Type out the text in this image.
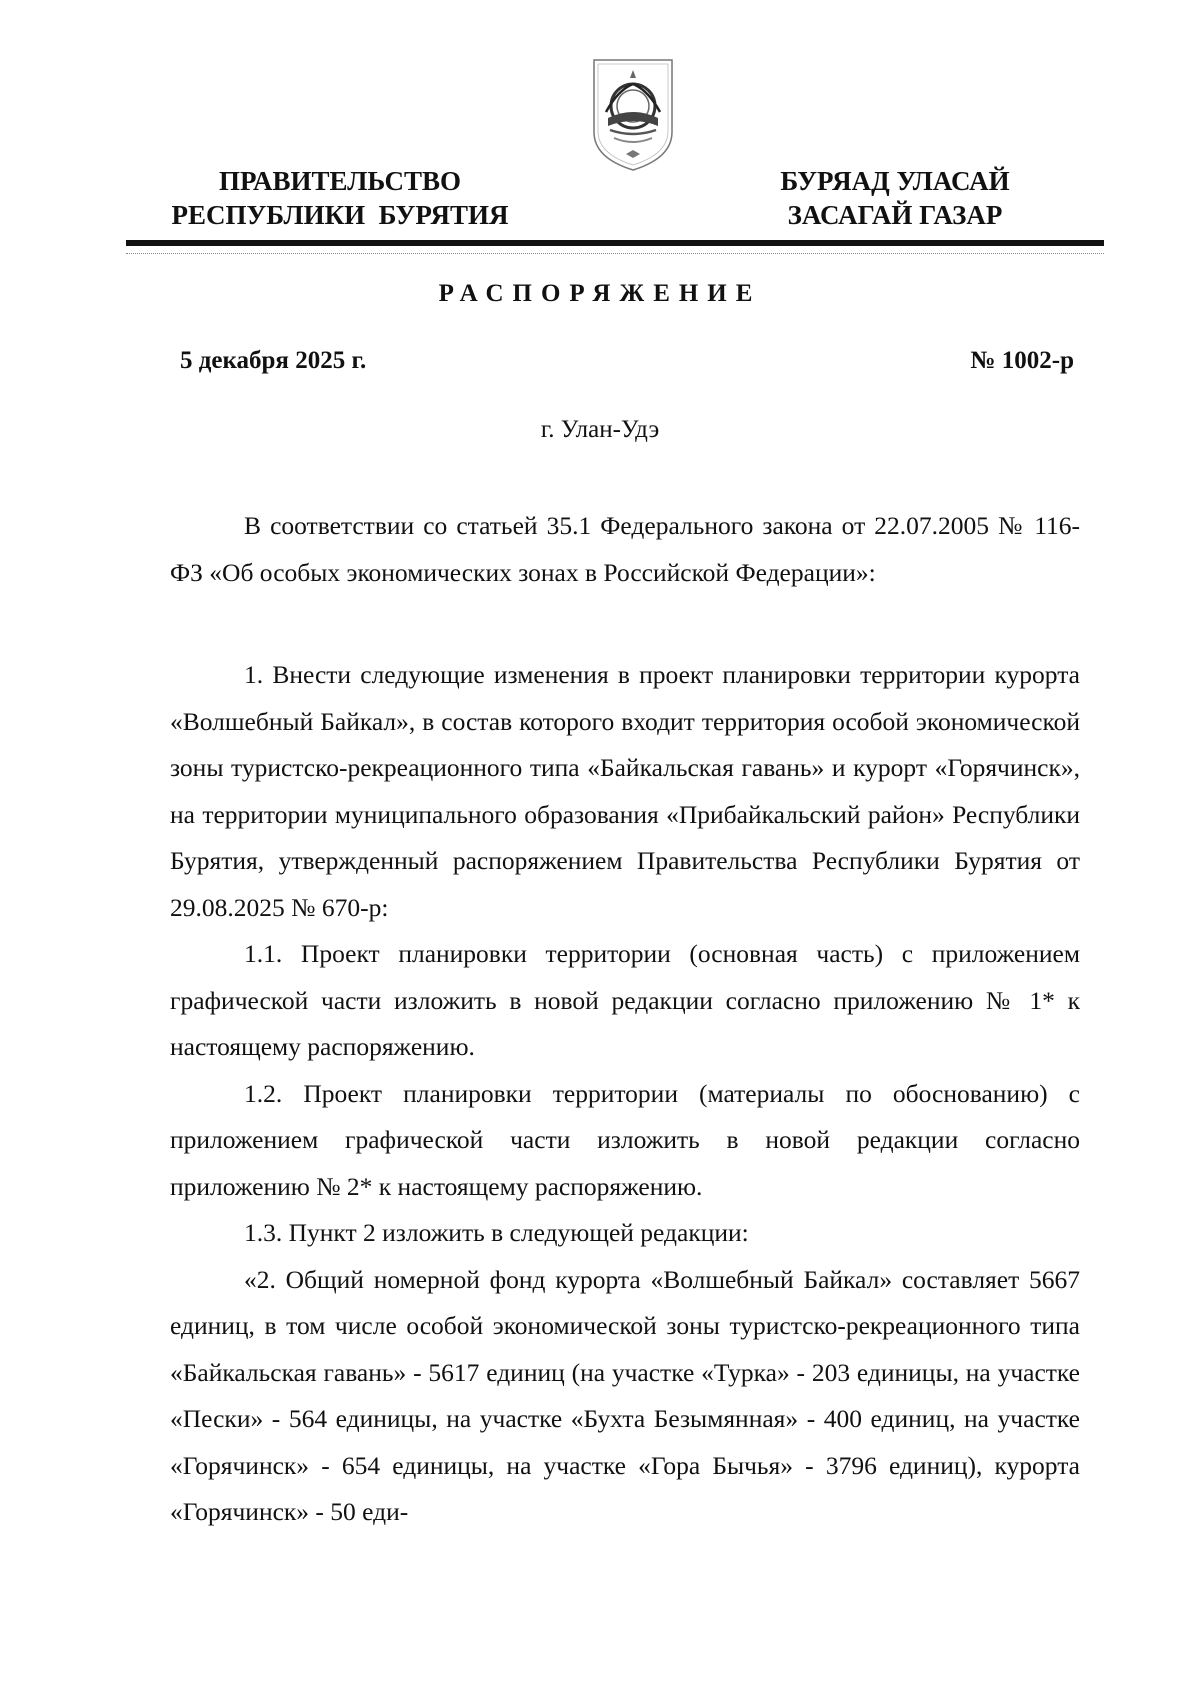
ПРАВИТЕЛЬСТВО
РЕСПУБЛИКИ  БУРЯТИЯ
БУРЯАД УЛАСАЙ
ЗАСАГАЙ ГАЗАР
РАСПОРЯЖЕНИЕ
5 декабря 2025 г.	№ 1002-р
г. Улан-Удэ

В соответствии со статьей 35.1 Федерального закона от 22.07.2005 № 116-ФЗ «Об особых экономических зонах в Российской Федерации»:

1. Внести следующие изменения в проект планировки территории курорта «Волшебный Байкал», в состав которого входит территория особой экономической зоны туристско-рекреационного типа «Байкальская гавань» и курорт «Горячинск», на территории муниципального образования «Прибайкальский район» Республики Бурятия, утвержденный распоряжением Правительства Республики Бурятия от 29.08.2025 № 670-р:

1.1. Проект планировки территории (основная часть) с приложением графической части изложить в новой редакции согласно приложению № 1* к настоящему распоряжению.

1.2. Проект планировки территории (материалы по обоснованию) с приложением графической части изложить в новой редакции согласно приложению № 2* к настоящему распоряжению.

1.3. Пункт 2 изложить в следующей редакции:

«2. Общий номерной фонд курорта «Волшебный Байкал» составляет 5667 единиц, в том числе особой экономической зоны туристско-рекреационного типа «Байкальская гавань» - 5617 единиц (на участке «Турка» - 203 единицы, на участке «Пески» - 564 единицы, на участке «Бухта Безымянная» - 400 единиц, на участке «Горячинск» - 654 единицы, на участке «Гора Бычья» - 3796 единиц), курорта «Горячинск» - 50 еди-
